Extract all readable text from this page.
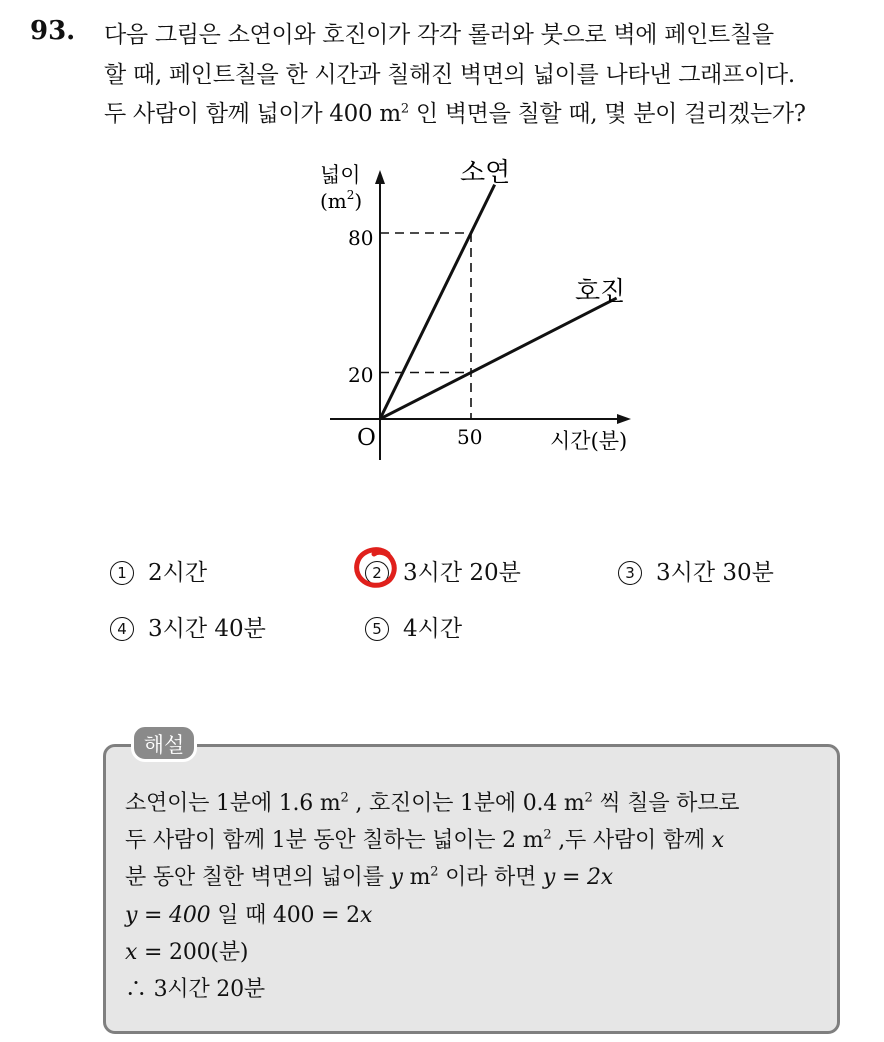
93. 다음 그림은 소연이와 호진이가 각각 롤러와 붓으로 벽에 페인트칠을
할 때, 페인트칠을 한 시간과 칠해진 벽면의 넓이를 나타낸 그래프이다.
두 사람이 함께 넓이가 400 $m^2$ 인 벽면을 칠할 때, 몇 분이 걸리겠는가?
넓이
$(m^2)$
80
20
50
O	시간(분)
소연
호진
1 2시간	2 3시간 20분	3 3시간 30분
4 3시간 40분	5 4시간
해설
소연이는 1분에 1.6 $m^2$ , 호진이는 1분에 0.4 $m^2$ 씩 칠을 하므로
두 사람이 함께 1분 동안 칠하는 넓이는 2 $m^2$ ,두 사람이 함께 x
분 동안 칠한 벽면의 넓이를 y $m^2$ 이라 하면 y = 2x
y = 400 일 때 400 = 2x
x = 200(분)
∴ 3시간 20분
